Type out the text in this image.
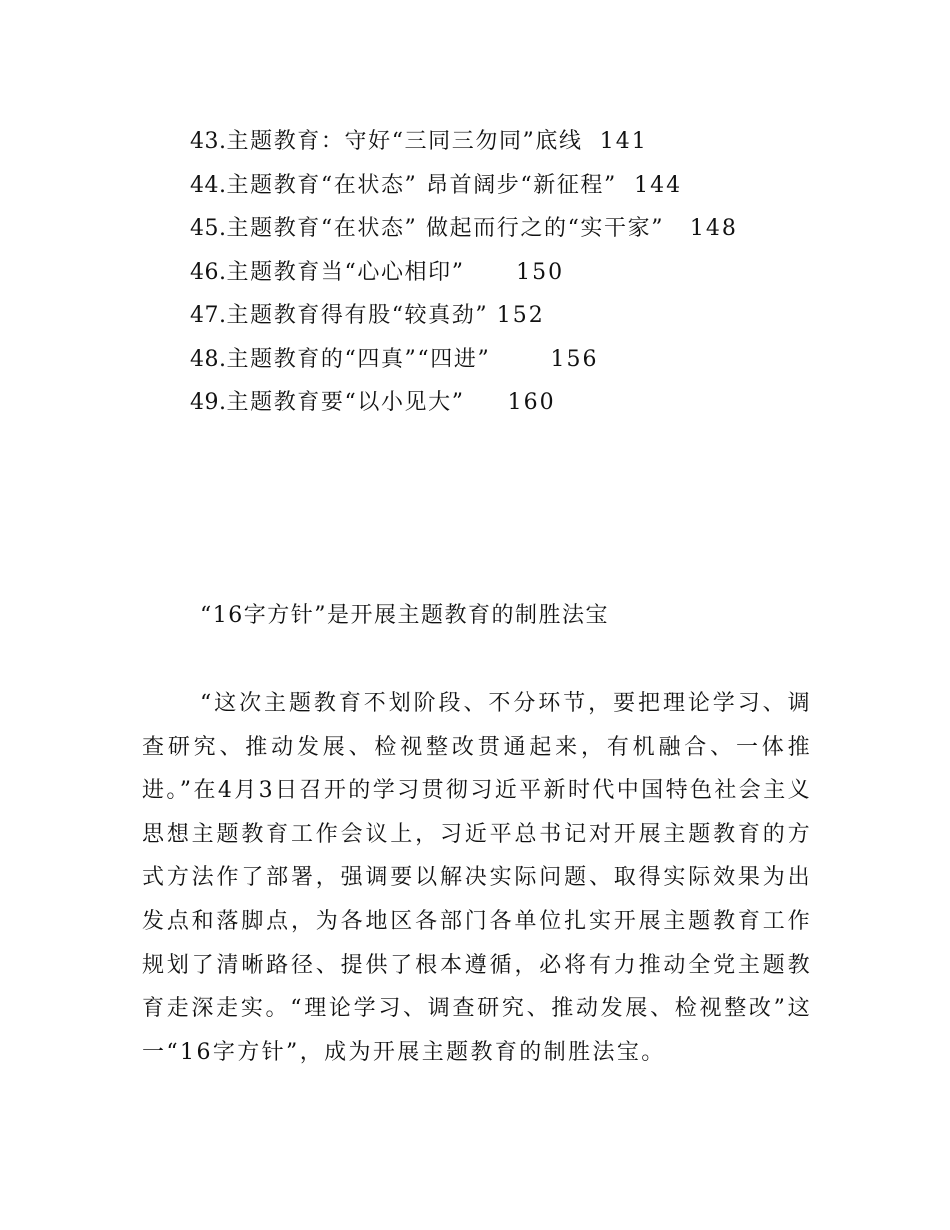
43.主题教育：守好“三同三勿同”底线 141
44.主题教育“在状态” 昂首阔步“新征程” 144
45.主题教育“在状态” 做起而行之的“实干家” 148
46.主题教育当“心心相印” 150
47.主题教育得有股“较真劲” 152
48.主题教育的“四真”“四进”	156
49.主题教育要“以小见大” 160
“16字方针”是开展主题教育的制胜法宝

“这次主题教育不划阶段、不分环节，要把理论学习、调查研究、推动发展、检视整改贯通起来，有机融合、一体推进。”在4月3日召开的学习贯彻习近平新时代中国特色社会主义思想主题教育工作会议上，习近平总书记对开展主题教育的方式方法作了部署，强调要以解决实际问题、取得实际效果为出发点和落脚点，为各地区各部门各单位扎实开展主题教育工作规划了清晰路径、提供了根本遵循，必将有力推动全党主题教育走深走实。“理论学习、调查研究、推动发展、检视整改”这一“16字方针”，成为开展主题教育的制胜法宝。
